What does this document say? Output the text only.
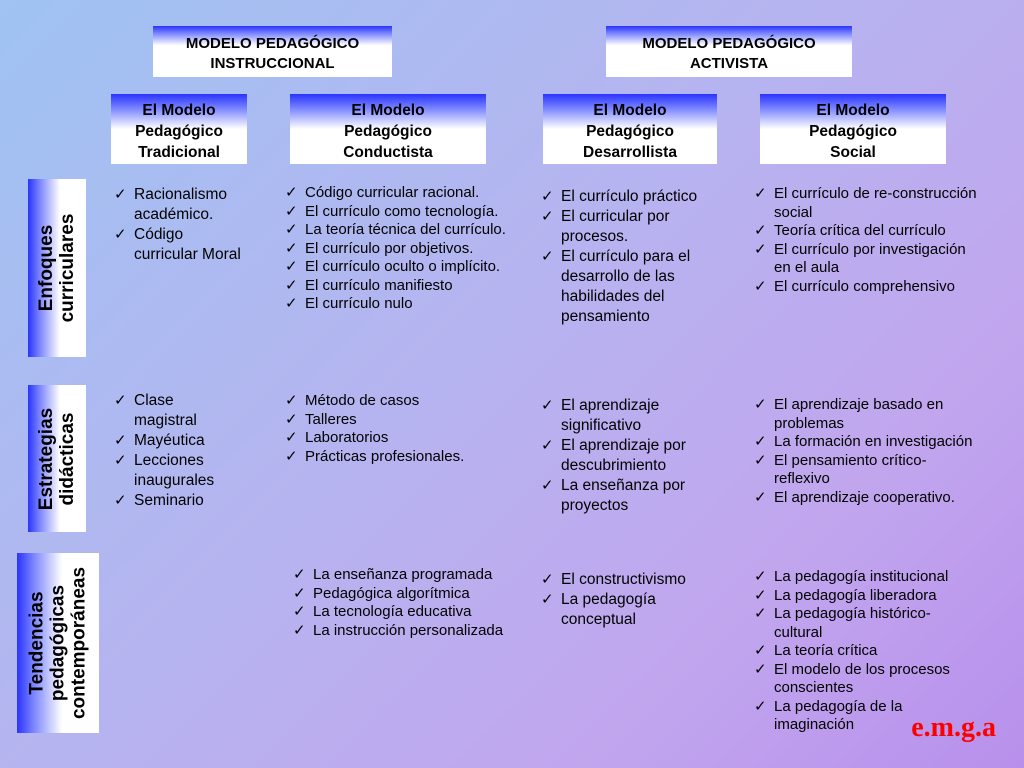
MODELO PEDAGÓGICO
INSTRUCCIONAL
MODELO PEDAGÓGICO
ACTIVISTA
El Modelo
Pedagógico
Tradicional
El Modelo
Pedagógico
Conductista
El Modelo
Pedagógico
Desarrollista
El Modelo
Pedagógico
Social
Enfoques curriculares
Estrategias didácticas
Tendencias pedagógicas contemporáneas
✓ Racionalismo académico.
✓ Código curricular Moral
✓ Código curricular racional.
✓ El currículo como tecnología.
✓ La teoría técnica del currículo.
✓ El currículo por objetivos.
✓ El currículo oculto o implícito.
✓ El currículo manifiesto
✓ El currículo nulo
✓ El currículo práctico
✓ El curricular por procesos.
✓ El currículo para el desarrollo de las habilidades del pensamiento
✓ El currículo de re-construcción social
✓ Teoría crítica del currículo
✓ El currículo por investigación en el aula
✓ El currículo comprehensivo
✓ Clase magistral
✓ Mayéutica
✓ Lecciones inaugurales
✓ Seminario
✓ Método de casos
✓ Talleres
✓ Laboratorios
✓ Prácticas profesionales.
✓ El aprendizaje significativo
✓ El aprendizaje por descubrimiento
✓ La enseñanza por proyectos
✓ El aprendizaje basado en problemas
✓ La formación en investigación
✓ El pensamiento crítico-reflexivo
✓ El aprendizaje cooperativo.
✓ La enseñanza programada
✓ Pedagógica algorítmica
✓ La tecnología educativa
✓ La instrucción personalizada
✓ El constructivismo
✓ La pedagogía conceptual
✓ La pedagogía institucional
✓ La pedagogía liberadora
✓ La pedagogía histórico-cultural
✓ La teoría crítica
✓ El modelo de los procesos conscientes
✓ La pedagogía de la imaginación	e.m.g.a
